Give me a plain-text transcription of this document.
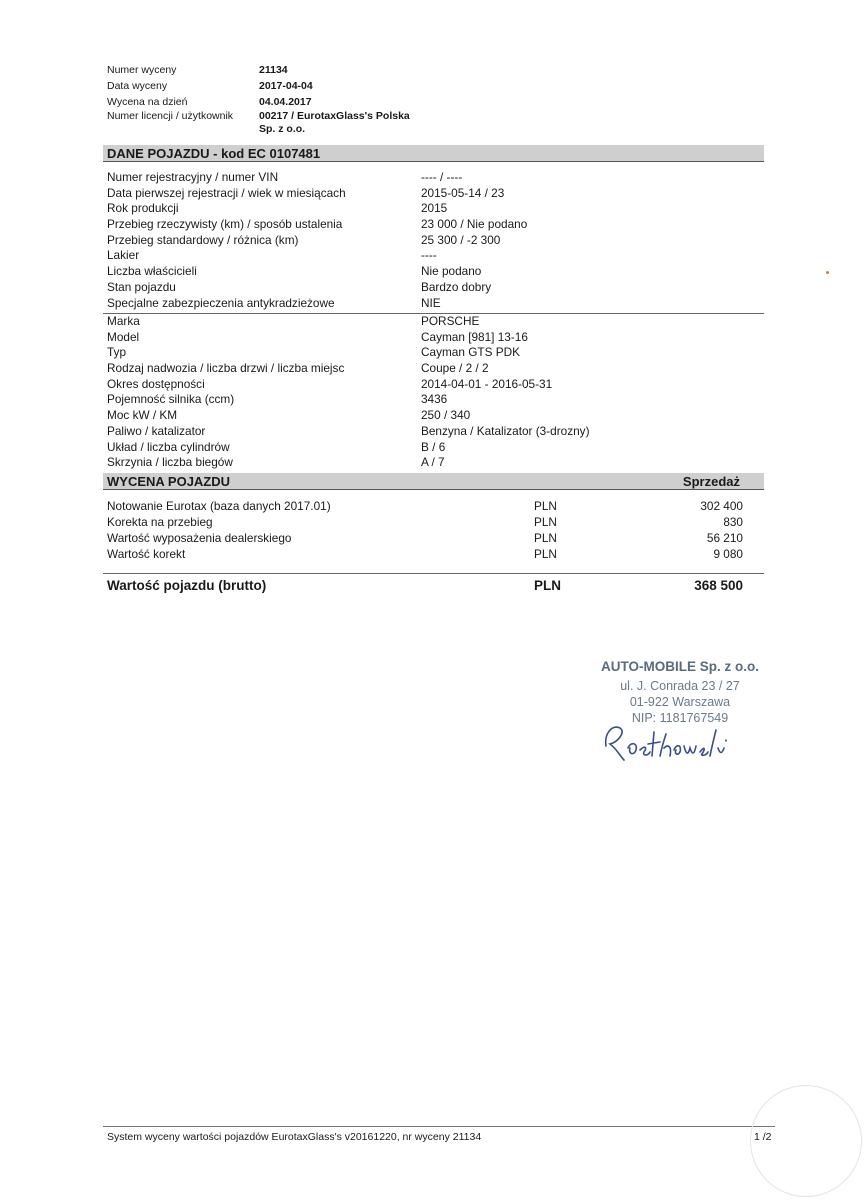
Numer wyceny	21134
Data wyceny	2017-04-04
Wycena na dzień	04.04.2017
Numer licencji / użytkownik	00217 / EurotaxGlass's Polska
Sp. z o.o.
DANE POJAZDU - kod EC 0107481
Numer rejestracyjny / numer VIN	---- / ----
Data pierwszej rejestracji / wiek w miesiącach	2015-05-14 / 23
Rok produkcji	2015
Przebieg rzeczywisty (km) / sposób ustalenia	23 000 / Nie podano
Przebieg standardowy / różnica (km)	25 300 / -2 300
Lakier	----
Liczba właścicieli	Nie podano
Stan pojazdu	Bardzo dobry
Specjalne zabezpieczenia antykradzieżowe	NIE
Marka	PORSCHE
Model	Cayman [981] 13-16
Typ	Cayman GTS PDK
Rodzaj nadwozia / liczba drzwi / liczba miejsc	Coupe / 2 / 2
Okres dostępności	2014-04-01 - 2016-05-31
Pojemność silnika (ccm)	3436
Moc kW / KM	250 / 340
Paliwo / katalizator	Benzyna / Katalizator (3-drozny)
Układ / liczba cylindrów	B / 6
Skrzynia / liczba biegów	A / 7
WYCENA POJAZDU	Sprzedaż
Notowanie Eurotax (baza danych 2017.01)	PLN	302 400
Korekta na przebieg	PLN	830
Wartość wyposażenia dealerskiego	PLN	56 210
Wartość korekt	PLN	9 080
Wartość pojazdu (brutto)	PLN	368 500
AUTO-MOBILE Sp. z o.o.
ul. J. Conrada 23 / 27
01-922 Warszawa
NIP: 1181767549
System wyceny wartości pojazdów EurotaxGlass's v20161220, nr wyceny 21134	1 /2
